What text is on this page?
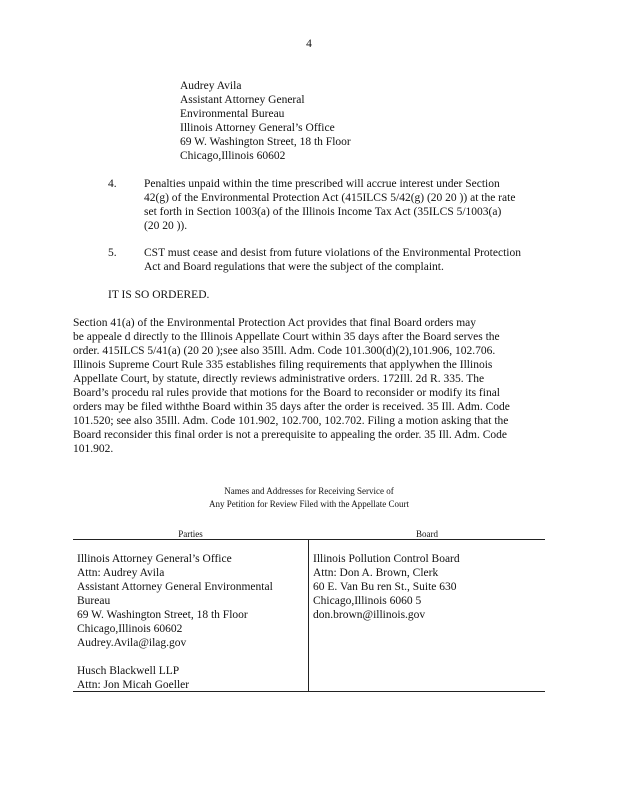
4
Audrey Avila
Assistant Attorney General
Environmental Bureau
Illinois Attorney General’s Office
69 W. Washington Street, 18 th Floor
Chicago,Illinois 60602
4. Penalties unpaid within the time prescribed will accrue interest under Section
42(g) of the Environmental Protection Act (415ILCS 5/42(g) (20 20 )) at the rate
set forth in Section 1003(a) of the Illinois Income Tax Act (35ILCS 5/1003(a)
(20 20 )).
5. CST must cease and desist from future violations of the Environmental Protection
Act and Board regulations that were the subject of the complaint.
IT IS SO ORDERED.
Section 41(a) of the Environmental Protection Act provides that final Board orders may
be appeale d directly to the Illinois Appellate Court within 35 days after the Board serves the
order. 415ILCS 5/41(a) (20 20 );see also 35Ill. Adm. Code 101.300(d)(2),101.906, 102.706.
Illinois Supreme Court Rule 335 establishes filing requirements that applywhen the Illinois
Appellate Court, by statute, directly reviews administrative orders. 172Ill. 2d R. 335. The
Board’s procedu ral rules provide that motions for the Board to reconsider or modify its final
orders may be filed withthe Board within 35 days after the order is received. 35 Ill. Adm. Code
101.520; see also 35Ill. Adm. Code 101.902, 102.700, 102.702. Filing a motion asking that the
Board reconsider this final order is not a prerequisite to appealing the order. 35 Ill. Adm. Code
101.902.
Names and Addresses for Receiving Service of
Any Petition for Review Filed with the Appellate Court
Parties	Board
Illinois Attorney General’s Office
Attn: Audrey Avila
Assistant Attorney General Environmental
Bureau
69 W. Washington Street, 18 th Floor
Chicago,Illinois 60602
Audrey.Avila@ilag.gov
Husch Blackwell LLP
Attn: Jon Micah Goeller
Illinois Pollution Control Board
Attn: Don A. Brown, Clerk
60 E. Van Bu ren St., Suite 630
Chicago,Illinois 6060 5
don.brown@illinois.gov
